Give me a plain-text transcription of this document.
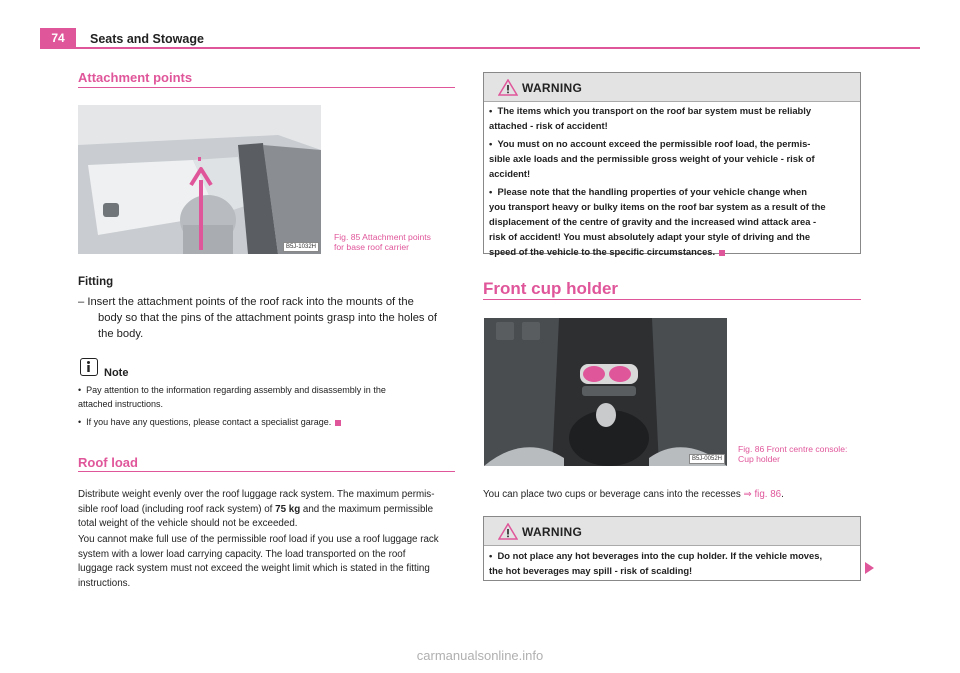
74	Seats and Stowage
Attachment points
B5J-1032H
Fig. 85 Attachment points
for base roof carrier
Fitting
– Insert the attachment points of the roof rack into the mounts of the
body so that the pins of the attachment points grasp into the holes of
the body.
Note
•  Pay attention to the information regarding assembly and disassembly in the
attached instructions.
•  If you have any questions, please contact a specialist garage.
Roof load
Distribute weight evenly over the roof luggage rack system. The maximum permis-
sible roof load (including roof rack system) of 75 kg and the maximum permissible
total weight of the vehicle should not be exceeded.
You cannot make full use of the permissible roof load if you use a roof luggage rack
system with a lower load carrying capacity. The load transported on the roof
luggage rack system must not exceed the weight limit which is stated in the fitting
instructions.
WARNING
•  The items which you transport on the roof bar system must be reliably
attached - risk of accident!
•  You must on no account exceed the permissible roof load, the permis-
sible axle loads and the permissible gross weight of your vehicle - risk of
accident!
•  Please note that the handling properties of your vehicle change when
you transport heavy or bulky items on the roof bar system as a result of the
displacement of the centre of gravity and the increased wind attack area -
risk of accident! You must absolutely adapt your style of driving and the
speed of the vehicle to the specific circumstances.
Front cup holder
B5J-0052H
Fig. 86 Front centre console:
Cup holder
You can place two cups or beverage cans into the recesses ⇒ fig. 86.
WARNING
•  Do not place any hot beverages into the cup holder. If the vehicle moves,
the hot beverages may spill - risk of scalding!
carmanualsonline.info
